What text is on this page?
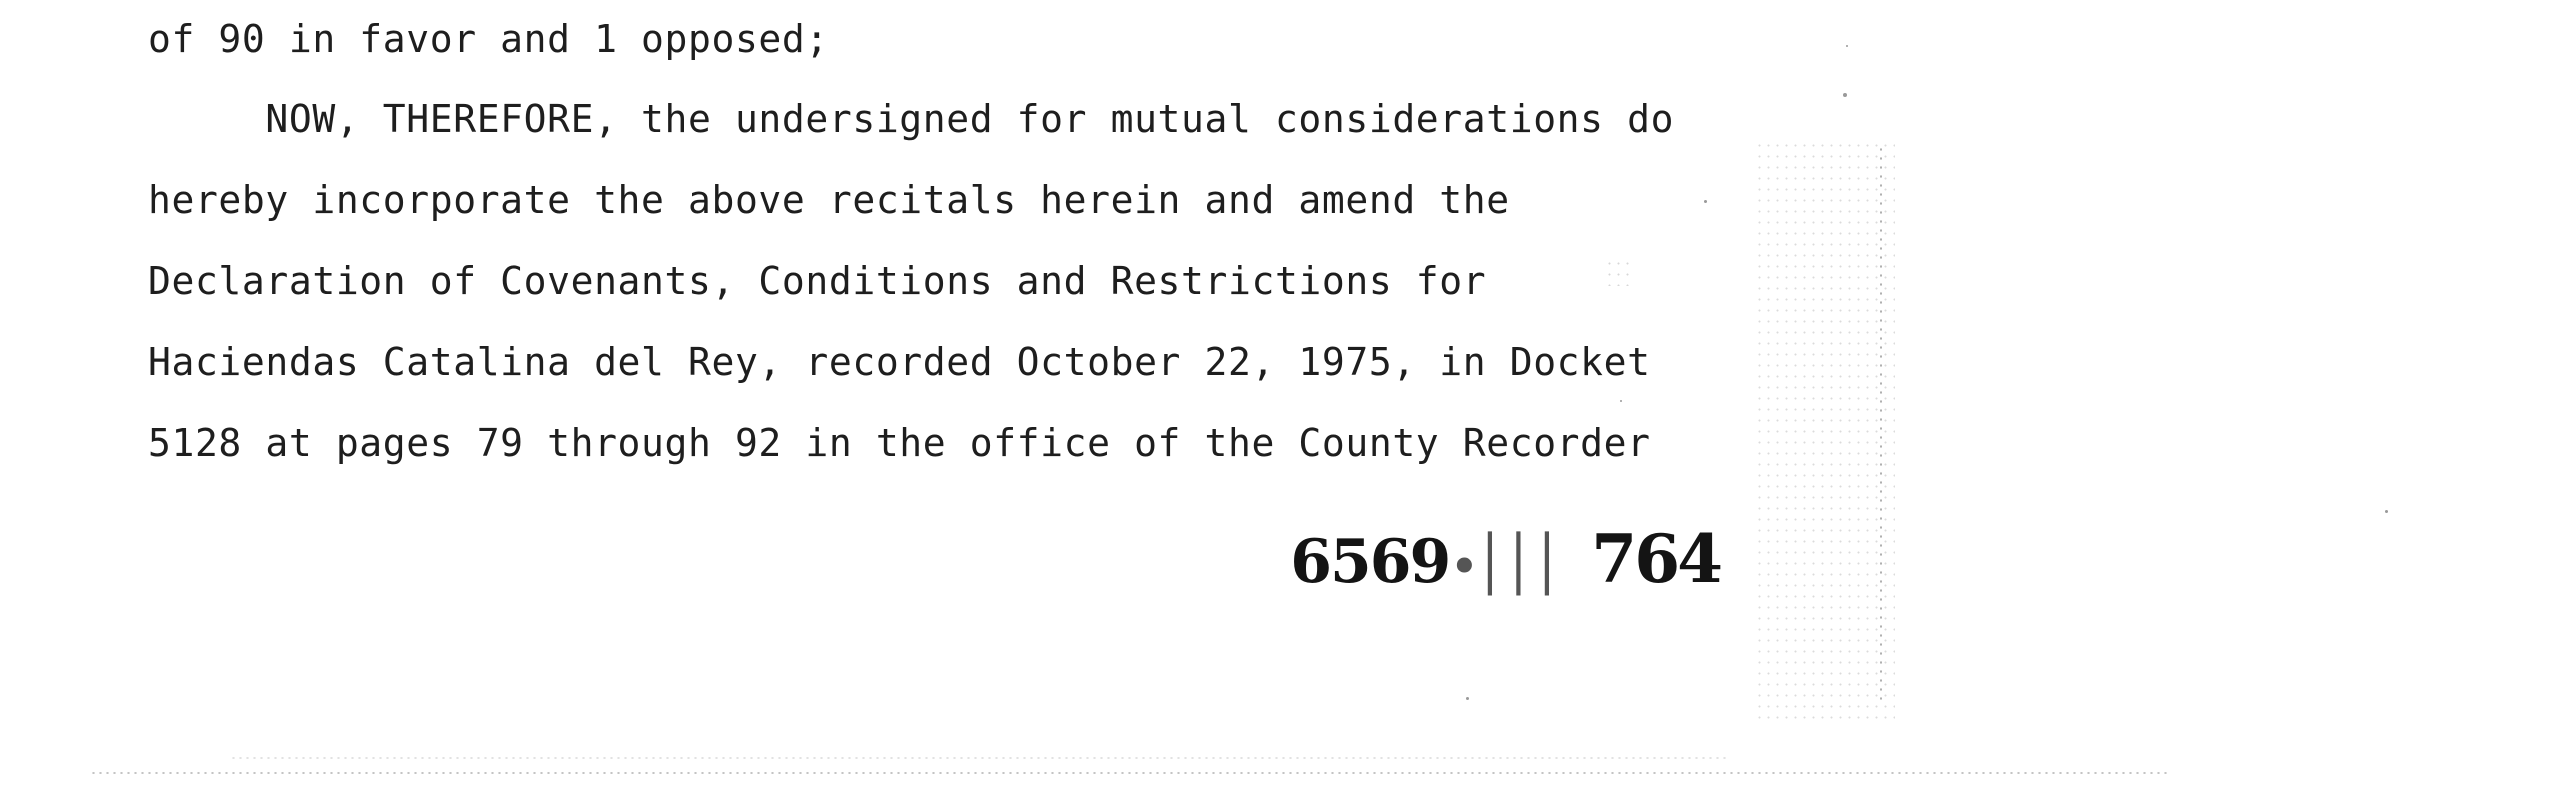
of 90 in favor and 1 opposed;
NOW, THEREFORE, the undersigned for mutual considerations do
hereby incorporate the above recitals herein and amend the
Declaration of Covenants, Conditions and Restrictions for
Haciendas Catalina del Rey, recorded October 22, 1975, in Docket
5128 at pages 79 through 92 in the office of the County Recorder

6569∙│││ 764
